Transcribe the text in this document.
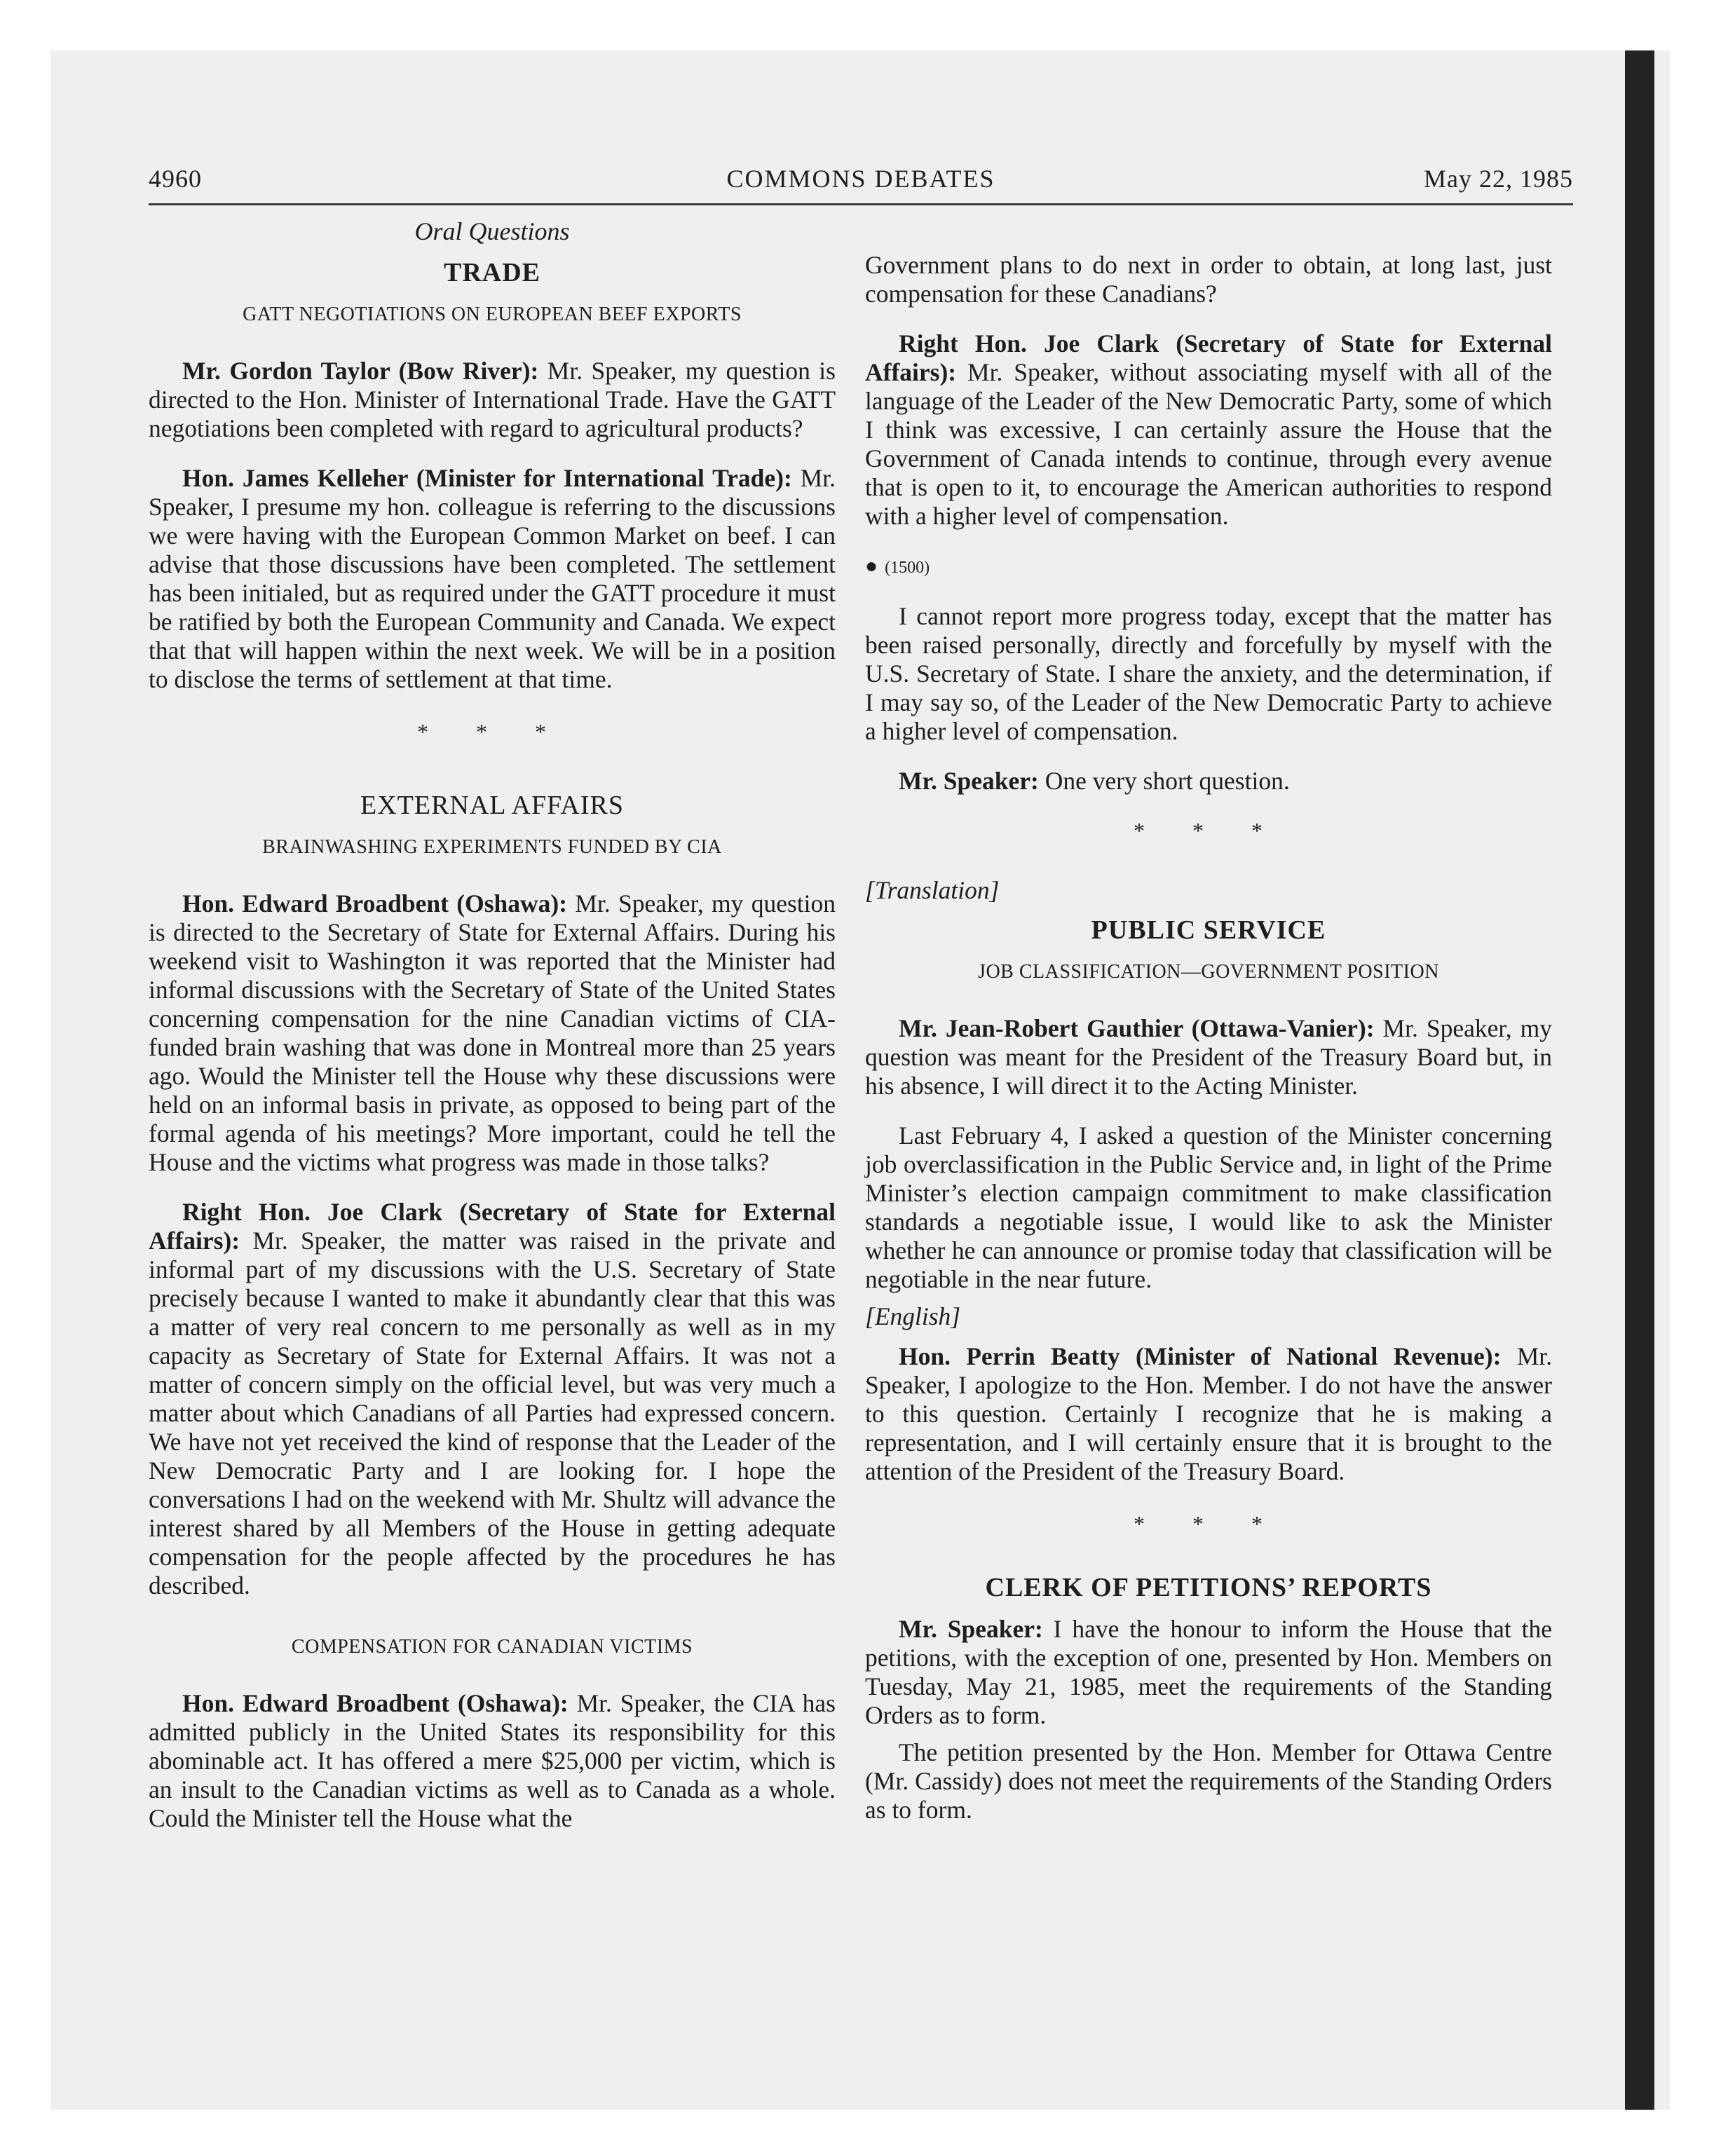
4960	COMMONS DEBATES	May 22, 1985
Oral Questions
TRADE
GATT NEGOTIATIONS ON EUROPEAN BEEF EXPORTS

Mr. Gordon Taylor (Bow River): Mr. Speaker, my question is directed to the Hon. Minister of International Trade. Have the GATT negotiations been completed with regard to agricultural products?

Hon. James Kelleher (Minister for International Trade): Mr. Speaker, I presume my hon. colleague is referring to the discussions we were having with the European Common Market on beef. I can advise that those discussions have been completed. The settlement has been initialed, but as required under the GATT procedure it must be ratified by both the European Community and Canada. We expect that that will happen within the next week. We will be in a position to disclose the terms of settlement at that time.

* * *
EXTERNAL AFFAIRS
BRAINWASHING EXPERIMENTS FUNDED BY CIA

Hon. Edward Broadbent (Oshawa): Mr. Speaker, my question is directed to the Secretary of State for External Affairs. During his weekend visit to Washington it was reported that the Minister had informal discussions with the Secretary of State of the United States concerning compensation for the nine Canadian victims of CIA-funded brain washing that was done in Montreal more than 25 years ago. Would the Minister tell the House why these discussions were held on an informal basis in private, as opposed to being part of the formal agenda of his meetings? More important, could he tell the House and the victims what progress was made in those talks?

Right Hon. Joe Clark (Secretary of State for External Affairs): Mr. Speaker, the matter was raised in the private and informal part of my discussions with the U.S. Secretary of State precisely because I wanted to make it abundantly clear that this was a matter of very real concern to me personally as well as in my capacity as Secretary of State for External Affairs. It was not a matter of concern simply on the official level, but was very much a matter about which Canadians of all Parties had expressed concern. We have not yet received the kind of response that the Leader of the New Democratic Party and I are looking for. I hope the conversations I had on the weekend with Mr. Shultz will advance the interest shared by all Members of the House in getting adequate compensation for the people affected by the procedures he has described.

COMPENSATION FOR CANADIAN VICTIMS

Hon. Edward Broadbent (Oshawa): Mr. Speaker, the CIA has admitted publicly in the United States its responsibility for this abominable act. It has offered a mere $25,000 per victim, which is an insult to the Canadian victims as well as to Canada as a whole. Could the Minister tell the House what the

Government plans to do next in order to obtain, at long last, just compensation for these Canadians?

Right Hon. Joe Clark (Secretary of State for External Affairs): Mr. Speaker, without associating myself with all of the language of the Leader of the New Democratic Party, some of which I think was excessive, I can certainly assure the House that the Government of Canada intends to continue, through every avenue that is open to it, to encourage the American authorities to respond with a higher level of compensation.

● (1500)

I cannot report more progress today, except that the matter has been raised personally, directly and forcefully by myself with the U.S. Secretary of State. I share the anxiety, and the determination, if I may say so, of the Leader of the New Democratic Party to achieve a higher level of compensation.

Mr. Speaker: One very short question.

* * *
[Translation]
PUBLIC SERVICE
JOB CLASSIFICATION—GOVERNMENT POSITION

Mr. Jean-Robert Gauthier (Ottawa-Vanier): Mr. Speaker, my question was meant for the President of the Treasury Board but, in his absence, I will direct it to the Acting Minister.

Last February 4, I asked a question of the Minister concerning job overclassification in the Public Service and, in light of the Prime Minister’s election campaign commitment to make classification standards a negotiable issue, I would like to ask the Minister whether he can announce or promise today that classification will be negotiable in the near future.

[English]

Hon. Perrin Beatty (Minister of National Revenue): Mr. Speaker, I apologize to the Hon. Member. I do not have the answer to this question. Certainly I recognize that he is making a representation, and I will certainly ensure that it is brought to the attention of the President of the Treasury Board.

* * *
CLERK OF PETITIONS’ REPORTS

Mr. Speaker: I have the honour to inform the House that the petitions, with the exception of one, presented by Hon. Members on Tuesday, May 21, 1985, meet the requirements of the Standing Orders as to form.

The petition presented by the Hon. Member for Ottawa Centre (Mr. Cassidy) does not meet the requirements of the Standing Orders as to form.
